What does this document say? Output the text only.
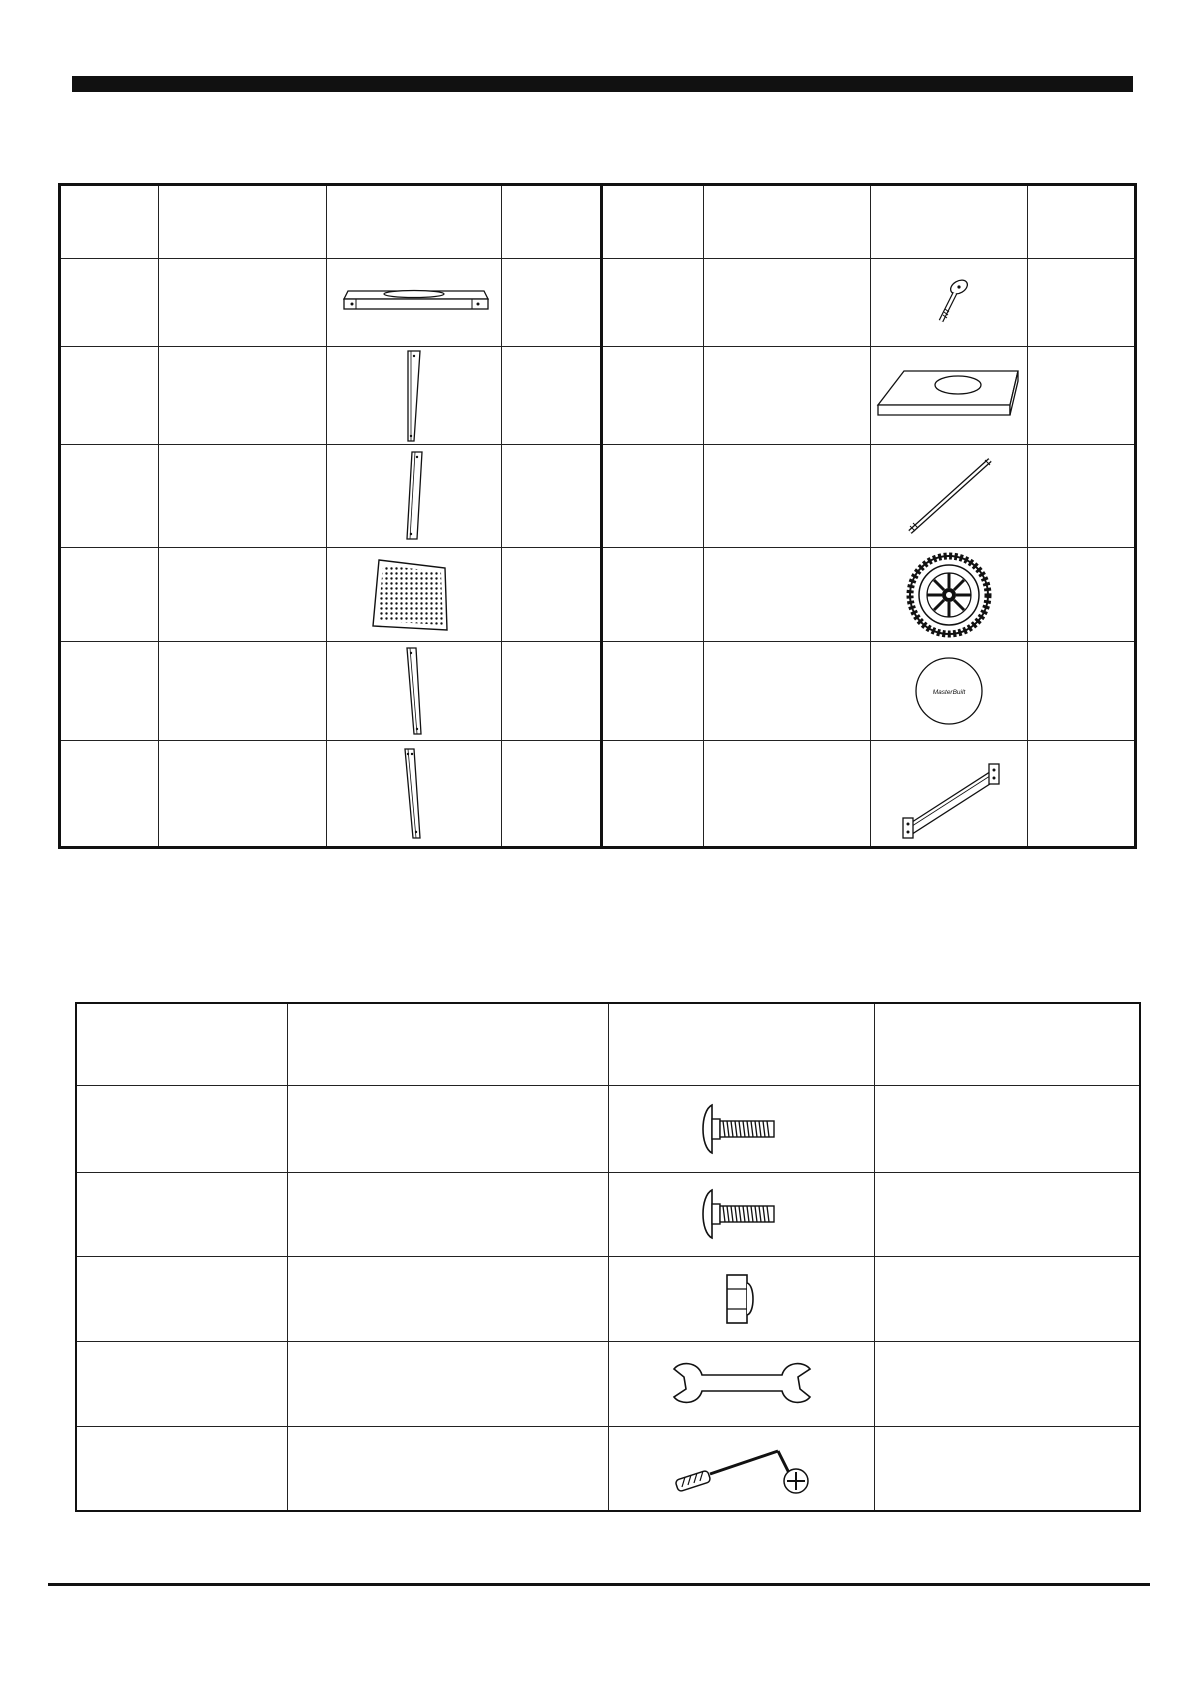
MasterBuilt	
